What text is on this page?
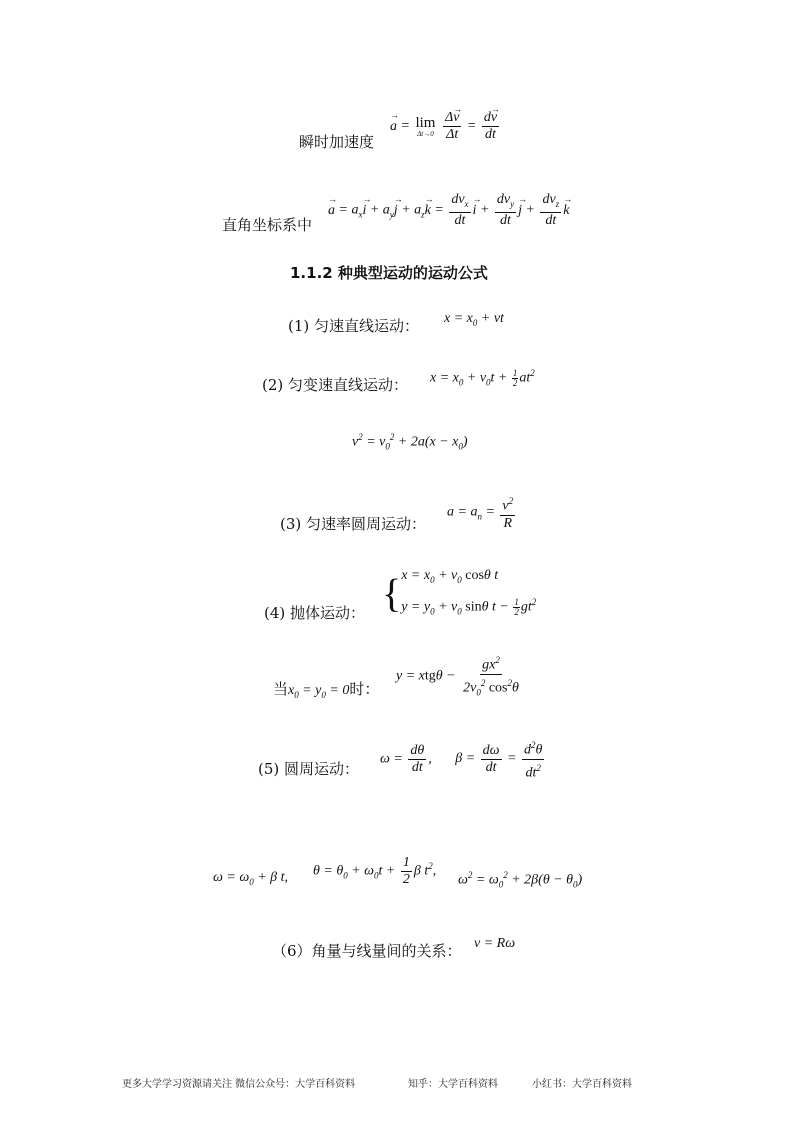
瞬时加速度
→ a = lim
Δt→0
$\frac{\Delta\to v}{\Delta t} = \frac{d\to v}{dt}$
直角坐标系中
→ $a = a_x\to i + a_y\to j + a_z\to k = \frac{dv_x}{dt}$
→ $i + \frac{dv_y}{dt}$
→ $j + \frac{dv_z}{dt}$
→ k
1.1.2 种典型运动的运动公式
(1) 匀速直线运动： $x = x_0$ + vt
(2) 匀变速直线运动： $x = x_0 + v_0t + \frac{1}{2} at^2$
$v^2 = v_0^2 + 2a(x - x_0)$
(3) 匀速率圆周运动：
$a = a_n = \frac{v^2}{R}$
(4) 抛体运动： { $x = x_0 + v_0$ cosθ t
$y = y_0 + v_0$ sinθ $t - \frac{1}{2} gt^2$
当$x_0 = y_0 = 0$时：
$y = xtg\theta - \frac{gx^2}{2v_0^2 \cos^2\theta}$
(5) 圆周运动：
$\omega = \frac{d\theta}{dt}$ , $\beta = \frac{d\omega}{dt} = \frac{d^2\theta}{dt^2}$
$\omega = \omega_0 + \beta$ t, $\theta = \theta_0 + \omega_0t + \frac{1}{2}$ β $t^2$,
$\omega^2 = \omega_0^2 + 2\beta(\theta - \theta_0)$
（6）角量与线量间的关系： v = Rω
更多大学学习资源请关注 微信公众号：大学百科资料	知乎：大学百科资料	小红书：大学百科资料
